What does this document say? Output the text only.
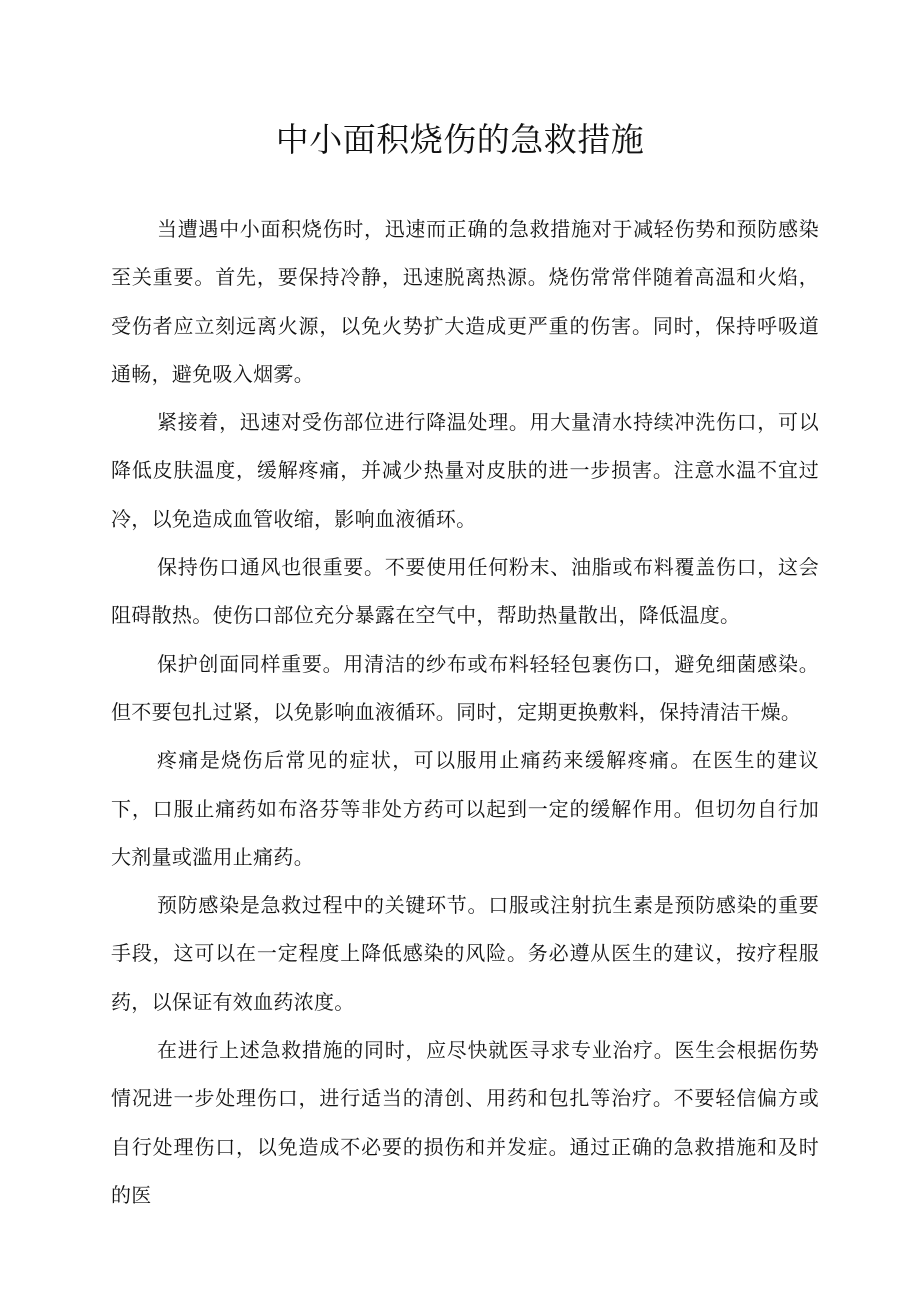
中小面积烧伤的急救措施

当遭遇中小面积烧伤时，迅速而正确的急救措施对于减轻伤势和预防感染至关重要。首先，要保持冷静，迅速脱离热源。烧伤常常伴随着高温和火焰，受伤者应立刻远离火源，以免火势扩大造成更严重的伤害。同时，保持呼吸道通畅，避免吸入烟雾。

紧接着，迅速对受伤部位进行降温处理。用大量清水持续冲洗伤口，可以降低皮肤温度，缓解疼痛，并减少热量对皮肤的进一步损害。注意水温不宜过冷，以免造成血管收缩，影响血液循环。

保持伤口通风也很重要。不要使用任何粉末、油脂或布料覆盖伤口，这会阻碍散热。使伤口部位充分暴露在空气中，帮助热量散出，降低温度。

保护创面同样重要。用清洁的纱布或布料轻轻包裹伤口，避免细菌感染。但不要包扎过紧，以免影响血液循环。同时，定期更换敷料，保持清洁干燥。

疼痛是烧伤后常见的症状，可以服用止痛药来缓解疼痛。在医生的建议下，口服止痛药如布洛芬等非处方药可以起到一定的缓解作用。但切勿自行加大剂量或滥用止痛药。

预防感染是急救过程中的关键环节。口服或注射抗生素是预防感染的重要手段，这可以在一定程度上降低感染的风险。务必遵从医生的建议，按疗程服药，以保证有效血药浓度。

在进行上述急救措施的同时，应尽快就医寻求专业治疗。医生会根据伤势情况进一步处理伤口，进行适当的清创、用药和包扎等治疗。不要轻信偏方或自行处理伤口，以免造成不必要的损伤和并发症。通过正确的急救措施和及时的医
